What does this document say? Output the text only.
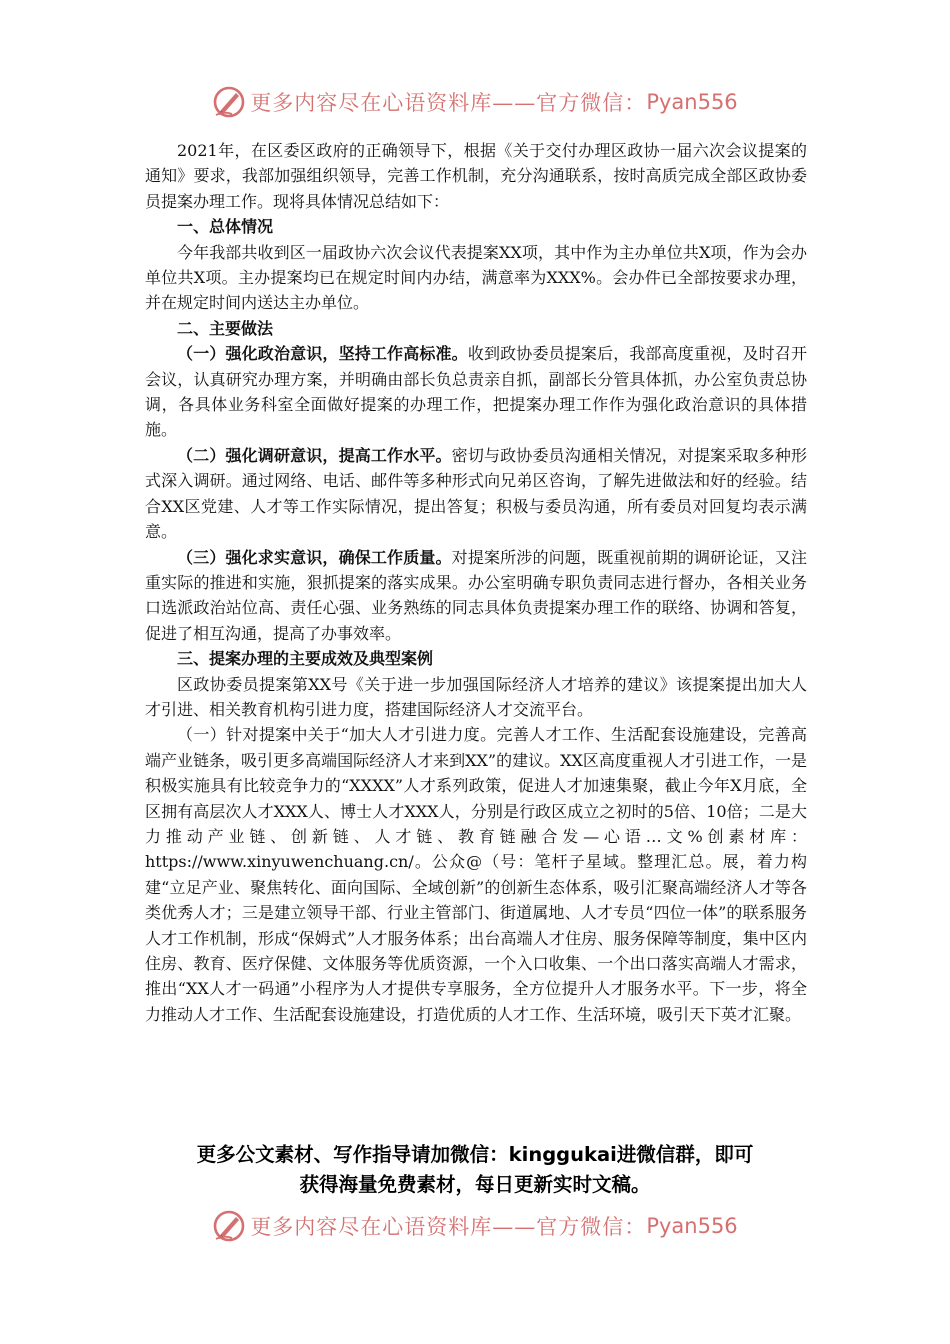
更多内容尽在心语资料库——官方微信： Pyan556

2021年，在区委区政府的正确领导下，根据《关于交付办理区政协一届六次会议提案的通知》要求，我部加强组织领导，完善工作机制，充分沟通联系，按时高质完成全部区政协委员提案办理工作。现将具体情况总结如下：

一、总体情况

今年我部共收到区一届政协六次会议代表提案XX项，其中作为主办单位共X项，作为会办单位共X项。主办提案均已在规定时间内办结，满意率为XXX%。会办件已全部按要求办理，并在规定时间内送达主办单位。

二、主要做法

（一）强化政治意识，坚持工作高标准。收到政协委员提案后，我部高度重视，及时召开会议，认真研究办理方案，并明确由部长负总责亲自抓，副部长分管具体抓，办公室负责总协调，各具体业务科室全面做好提案的办理工作，把提案办理工作作为强化政治意识的具体措施。

（二）强化调研意识，提高工作水平。密切与政协委员沟通相关情况，对提案采取多种形式深入调研。通过网络、电话、邮件等多种形式向兄弟区咨询，了解先进做法和好的经验。结合XX区党建、人才等工作实际情况，提出答复；积极与委员沟通，所有委员对回复均表示满意。

（三）强化求实意识，确保工作质量。对提案所涉的问题，既重视前期的调研论证，又注重实际的推进和实施，狠抓提案的落实成果。办公室明确专职负责同志进行督办，各相关业务口选派政治站位高、责任心强、业务熟练的同志具体负责提案办理工作的联络、协调和答复，促进了相互沟通，提高了办事效率。

三、提案办理的主要成效及典型案例

区政协委员提案第XX号《关于进一步加强国际经济人才培养的建议》该提案提出加大人才引进、相关教育机构引进力度，搭建国际经济人才交流平台。

（一）针对提案中关于“加大人才引进力度。完善人才工作、生活配套设施建设，完善高端产业链条，吸引更多高端国际经济人才来到XX”的建议。XX区高度重视人才引进工作，一是积极实施具有比较竞争力的“XXXX”人才系列政策，促进人才加速集聚，截止今年X月底，全区拥有高层次人才XXX人、博士人才XXX人，分别是行政区成立之初时的5倍、10倍；二是大力推动产业链、创新链、人才链、教育链融合发—心语…文%创素材库：https://www.xinyuwenchuang.cn/。公众@（号：笔杆子星域。整理汇总。展，着力构建“立足产业、聚焦转化、面向国际、全域创新”的创新生态体系，吸引汇聚高端经济人才等各类优秀人才；三是建立领导干部、行业主管部门、街道属地、人才专员“四位一体”的联系服务人才工作机制，形成“保姆式”人才服务体系；出台高端人才住房、服务保障等制度，集中区内住房、教育、医疗保健、文体服务等优质资源，一个入口收集、一个出口落实高端人才需求，推出“XX人才一码通”小程序为人才提供专享服务，全方位提升人才服务水平。下一步，将全力推动人才工作、生活配套设施建设，打造优质的人才工作、生活环境，吸引天下英才汇聚。

更多公文素材、写作指导请加微信：kinggukai进微信群，即可
获得海量免费素材，每日更新实时文稿。
更多内容尽在心语资料库——官方微信： Pyan556
